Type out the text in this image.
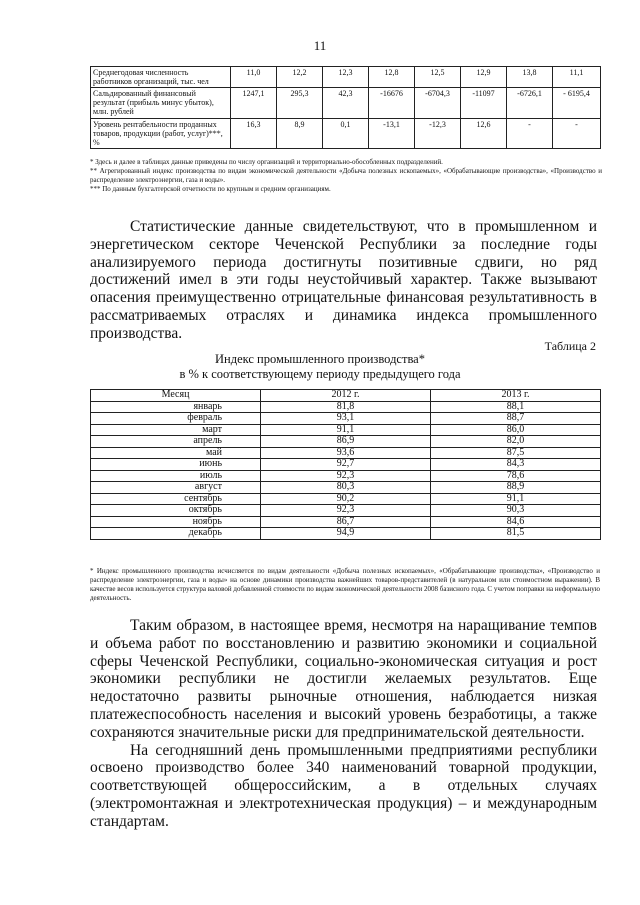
11
Среднегодовая численность работников организаций, тыс. чел	11,0	12,2	12,3	12,8	12,5	12,9	13,8	11,1
Сальдированный финансовый результат (прибыль минус убыток), млн. рублей	1247,1	295,3	42,3	-16676	-6704,3	-11097	-6726,1	- 6195,4
Уровень рентабельности проданных товаров, продукции (работ, услуг)***, %	16,3	8,9	0,1	-13,1	-12,3	12,6	-	-

* Здесь и далее в таблицах данные приведены по числу организаций и территориально-обособленных подразделений.

** Агрегированный индекс производства по видам экономической деятельности «Добыча полезных ископаемых», «Обрабатывающие производства», «Производство и распределение электроэнергии, газа и воды».

*** По данным бухгалтерской отчетности по крупным и средним организациям.

Статистические данные свидетельствуют, что в промышленном и энергетическом секторе Чеченской Республики за последние годы анализируемого периода достигнуты позитивные сдвиги, но ряд достижений имел в эти годы неустойчивый характер. Также вызывают опасения преимущественно отрицательные финансовая результативность в рассматриваемых отраслях и динамика индекса промышленного производства.

Таблица 2
Индекс промышленного производства*
в % к соответствующему периоду предыдущего года
Месяц	2012 г.	2013 г.
январь	81,8	88,1
февраль	93,1	88,7
март	91,1	86,0
апрель	86,9	82,0
май	93,6	87,5
июнь	92,7	84,3
июль	92,3	78,6
август	80,3	88,9
сентябрь	90,2	91,1
октябрь	92,3	90,3
ноябрь	86,7	84,6
декабрь	94,9	81,5

* Индекс промышленного производства исчисляется по видам деятельности «Добыча полезных ископаемых», «Обрабатывающие производства», «Производство и распределение электроэнергии, газа и воды» на основе динамики производства важнейших товаров-представителей (в натуральном или стоимостном выражении). В качестве весов используется структура валовой добавленной стоимости по видам экономической деятельности 2008 базисного года. С учетом поправки на неформальную деятельность.

Таким образом, в настоящее время, несмотря на наращивание темпов и объема работ по восстановлению и развитию экономики и социальной сферы Чеченской Республики, социально-экономическая ситуация и рост экономики республики не достигли желаемых результатов. Еще недостаточно развиты рыночные отношения, наблюдается низкая платежеспособность населения и высокий уровень безработицы, а также сохраняются значительные риски для предпринимательской деятельности.

На сегодняшний день промышленными предприятиями республики освоено производство более 340 наименований товарной продукции, соответствующей общероссийским, а в отдельных случаях (электромонтажная и электротехническая продукция) – и международным стандартам.
